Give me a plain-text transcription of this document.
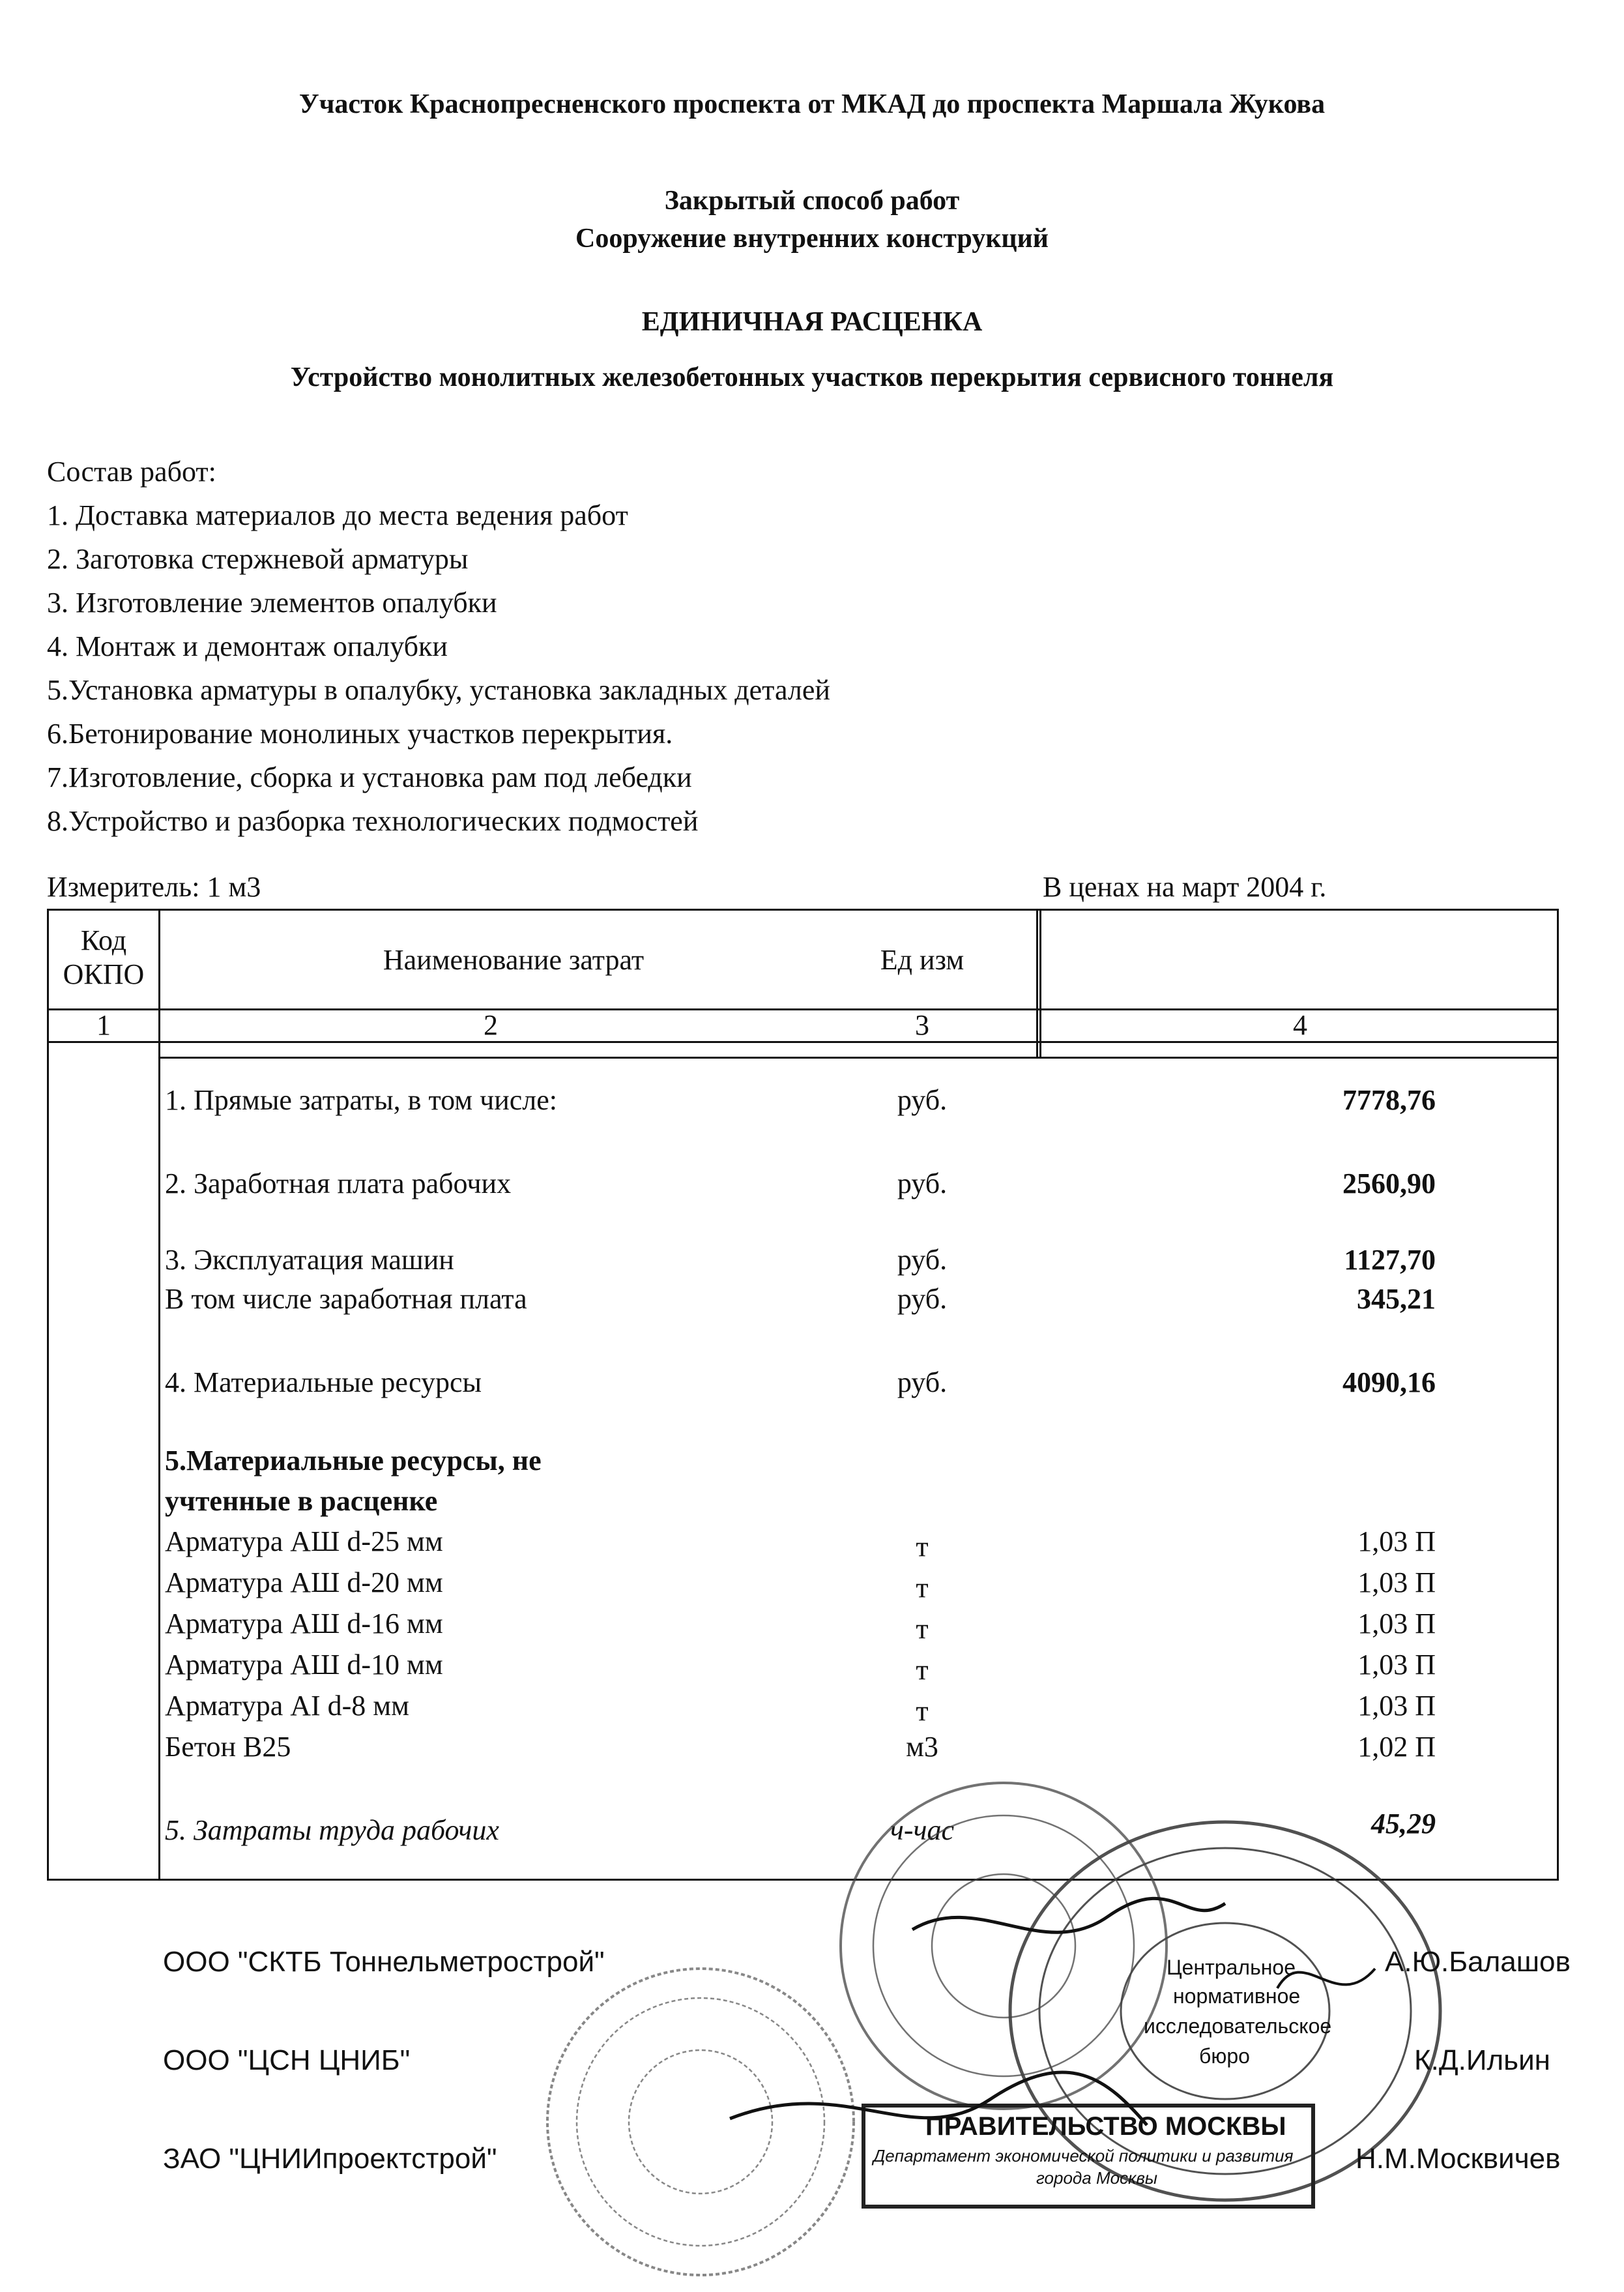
Участок Краснопресненского проспекта от МКАД до проспекта Маршала Жукова
Закрытый способ работ
Сооружение внутренних конструкций
ЕДИНИЧНАЯ РАСЦЕНКА
Устройство монолитных железобетонных участков перекрытия сервисного тоннеля
Состав работ:
1. Доставка материалов до места ведения работ
2. Заготовка стержневой арматуры
3. Изготовление элементов опалубки
4. Монтаж и демонтаж опалубки
5.Установка арматуры в опалубку, установка закладных деталей
6.Бетонирование монолиных участков перекрытия.
7.Изготовление, сборка и установка рам под лебедки
8.Устройство и разборка технологических подмостей
Измеритель: 1 м3	В ценах на март 2004 г.
Код
ОКПО	Наименование затрат	Ед изм
1	2	3	4
1. Прямые затраты, в том числе:	руб.	7778,76
2. Заработная плата рабочих	руб.	2560,90
3. Эксплуатация машин	руб.	1127,70
В том числе заработная плата	руб.	345,21
4. Материальные ресурсы	руб.	4090,16
5.Материальные ресурсы, не
учтенные в расценке
Арматура АШ d-25 мм	т	1,03 П
Арматура АШ d-20 мм	т	1,03 П
Арматура АШ d-16 мм	т	1,03 П
Арматура АШ d-10 мм	т	1,03 П
Арматура АI d-8 мм	т	1,03 П
Бетон В25	м3	1,02 П
5. Затраты труда рабочих	ч-час	45,29
ПРАВИТЕЛЬСТВО МОСКВЫ
Департамент экономической политики и развития
города Москвы
Центральное
нормативное
исследовательское
бюро
ООО "СКТБ Тоннельметрострой"	А.Ю.Балашов
ООО "ЦСН ЦНИБ"	К.Д.Ильин
ЗАО "ЦНИИпроектстрой"	Н.М.Москвичев
